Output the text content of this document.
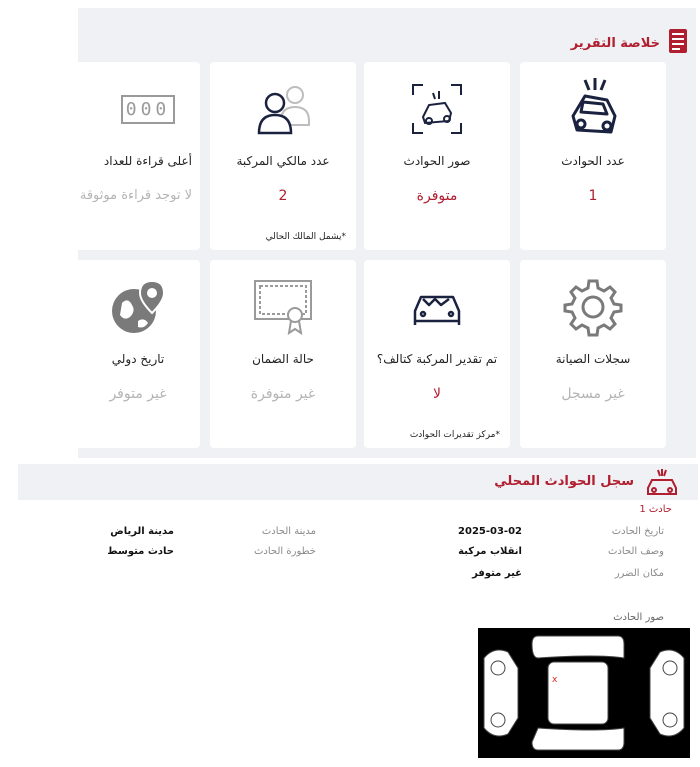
خلاصة التقرير
عدد الحوادث
1
صور الحوادث
متوفرة
عدد مالكي المركبة
2
*يشمل المالك الحالي
000
أعلى قراءة للعداد
لا توجد قراءة موثوقة
سجلات الصيانة
غير مسجل
تم تقدير المركبة كتالف؟
لا
*مركز تقديرات الحوادث
حالة الضمان
غير متوفرة
تاريخ دولي
غير متوفر
سجل الحوادث المحلي
حادث 1
تاريخ الحادث
2025-03-02
مدينة الحادث
مدينة الرياض
وصف الحادث
انقلاب مركبة
خطورة الحادث
حادث متوسط
مكان الضرر
غير متوفر
صور الحادث
x
